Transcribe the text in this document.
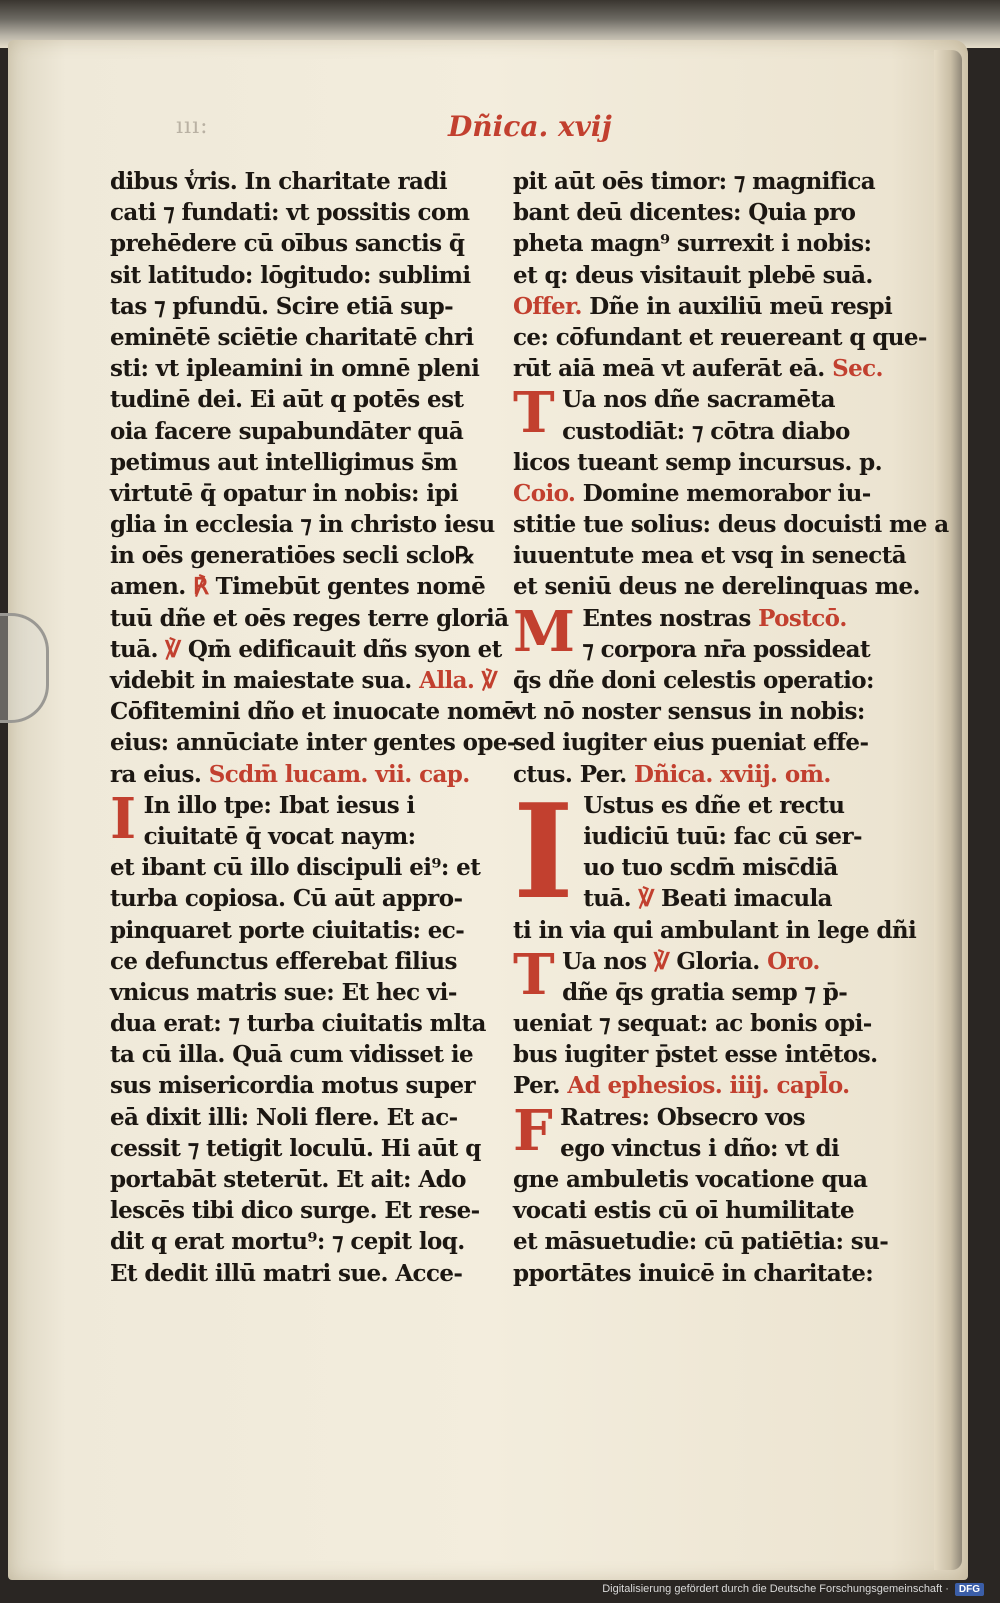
ııı:	Dñica. xvij
dibus v̾ris. In charitate radi
cati ⁊ fundati: vt possitis com
prehēdere cū oībus sanctis q̄
sit latitudo: lōgitudo: sublimi
tas ⁊ pfundū. Scire etiā sup-
eminētē sciētie charitatē chri
sti: vt ipleamini in omnē pleni
tudinē dei. Ei aūt q potēs est
oia facere supabundāter quā
petimus aut intelligimus s̄m
virtutē q̄ opatur in nobis: ipi
glia in ecclesia ⁊ in christo iesu
in oēs generatiōes secli sclo℞
amen. ℟ Timebūt gentes nomē
tuū dñe et oēs reges terre gloriā
tuā. ℣ Qm̄ edificauit dñs syon et
videbit in maiestate sua. Alla. ℣
Cōfitemini dño et inuocate nomē
eius: annūciate inter gentes ope-
ra eius. Scdm̄ lucam. vii. cap.
I In illo tpe: Ibat iesus i
ciuitatē q̄ vocat naym:
et ibant cū illo discipuli ei⁹: et
turba copiosa. Cū aūt appro-
pinquaret porte ciuitatis: ec-
ce defunctus efferebat filius
vnicus matris sue: Et hec vi-
dua erat: ⁊ turba ciuitatis mlta
ta cū illa. Quā cum vidisset ie
sus misericordia motus super
eā dixit illi: Noli flere. Et ac-
cessit ⁊ tetigit loculū. Hi aūt q
portabāt steterūt. Et ait: Ado
lescēs tibi dico surge. Et rese-
dit q erat mortu⁹: ⁊ cepit loq.
Et dedit illū matri sue. Acce-
pit aūt oēs timor: ⁊ magnifica
bant deū dicentes: Quia pro
pheta magn⁹ surrexit i nobis:
et q: deus visitauit plebē suā.
Offer. Dñe in auxiliū meū respi
ce: cōfundant et reuereant q que-
rūt aiā meā vt auferāt eā. Sec.
T Ua nos dñe sacramēta
custodiāt: ⁊ cōtra diabo
licos tueant semp incursus. p.
Coio. Domine memorabor iu-
stitie tue solius: deus docuisti me a
iuuentute mea et vsq in senectā
et seniū deus ne derelinquas me.
M Entes nostras Postcō.
⁊ corpora nr̄a possideat
q̄s dñe doni celestis operatio:
vt nō noster sensus in nobis:
sed iugiter eius pueniat effe-
ctus. Per. Dñica. xviij. om̄.
I Ustus es dñe et rectu
iudiciū tuū: fac cū ser-
uo tuo scdm̄ misc̄diā
tuā. ℣ Beati imacula
ti in via qui ambulant in lege dñi
T Ua nos ℣ Gloria. Oro.
dñe q̄s gratia semp ⁊ p̄-
ueniat ⁊ sequat: ac bonis opi-
bus iugiter p̄stet esse intētos.
Per. Ad ephesios. iiij. capl̄o.
F Ratres: Obsecro vos
ego vinctus i dño: vt di
gne ambuletis vocatione qua
vocati estis cū oī humilitate
et māsuetudie: cū patiētia: su-
pportātes inuicē in charitate:
Digitalisierung gefördert durch die Deutsche Forschungsgemeinschaft ·	DFG
